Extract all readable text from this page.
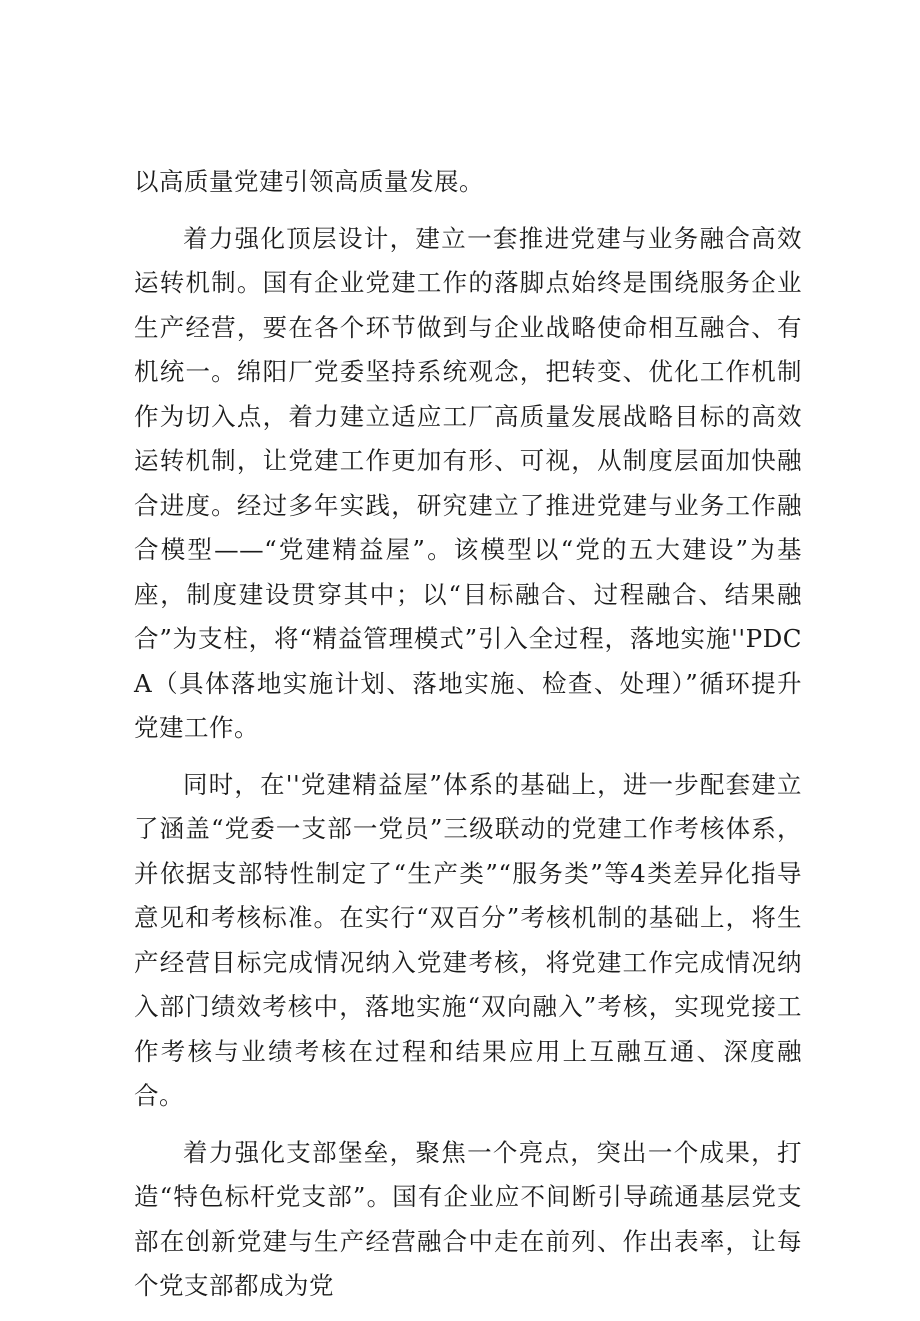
以高质量党建引领高质量发展。

着力强化顶层设计，建立一套推进党建与业务融合高效运转机制。国有企业党建工作的落脚点始终是围绕服务企业生产经营，要在各个环节做到与企业战略使命相互融合、有机统一。绵阳厂党委坚持系统观念，把转变、优化工作机制作为切入点，着力建立适应工厂高质量发展战略目标的高效运转机制，让党建工作更加有形、可视，从制度层面加快融合进度。经过多年实践，研究建立了推进党建与业务工作融合模型——“党建精益屋”。该模型以“党的五大建设”为基座，制度建设贯穿其中；以“目标融合、过程融合、结果融合”为支柱，将“精益管理模式”引入全过程，落地实施''PDCA（具体落地实施计划、落地实施、检查、处理）”循环提升党建工作。

同时，在''党建精益屋”体系的基础上，进一步配套建立了涵盖“党委一支部一党员”三级联动的党建工作考核体系，并依据支部特性制定了“生产类”“服务类”等4类差异化指导意见和考核标准。在实行“双百分”考核机制的基础上，将生产经营目标完成情况纳入党建考核，将党建工作完成情况纳入部门绩效考核中，落地实施“双向融入”考核，实现党接工作考核与业绩考核在过程和结果应用上互融互通、深度融合。

着力强化支部堡垒，聚焦一个亮点，突出一个成果，打造“特色标杆党支部”。国有企业应不间断引导疏通基层党支部在创新党建与生产经营融合中走在前列、作出表率，让每个党支部都成为党
